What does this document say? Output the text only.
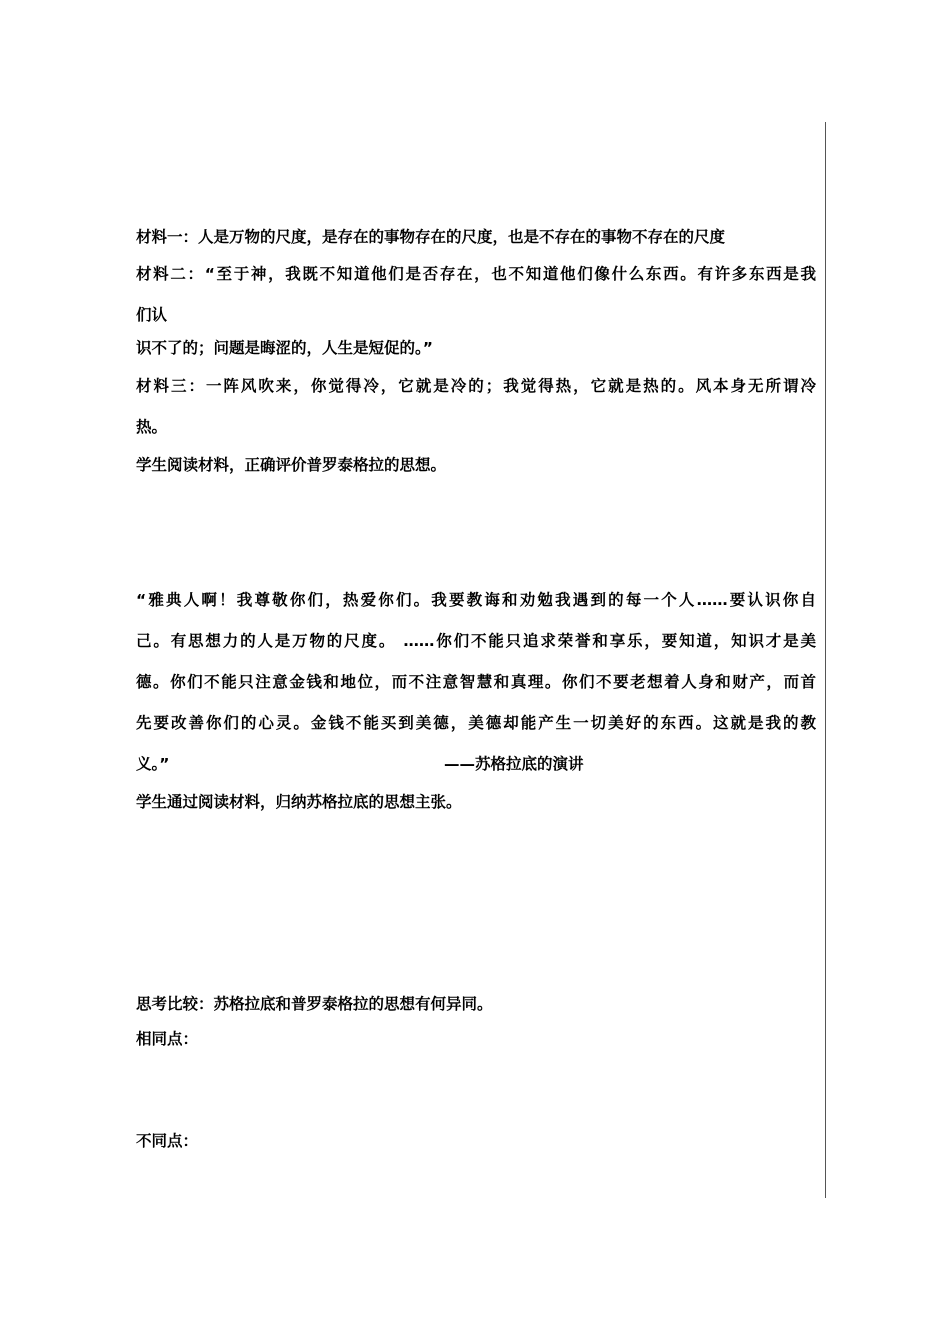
材料一：人是万物的尺度，是存在的事物存在的尺度，也是不存在的事物不存在的尺度
材料二：“至于神，我既不知道他们是否存在，也不知道他们像什么东西。有许多东西是我
们认
识不了的；问题是晦涩的，人生是短促的。”
材料三：一阵风吹来，你觉得冷，它就是冷的；我觉得热，它就是热的。风本身无所谓冷
热。
学生阅读材料，正确评价普罗泰格拉的思想。
“雅典人啊！我尊敬你们，热爱你们。我要教诲和劝勉我遇到的每一个人……要认识你自
己。有思想力的人是万物的尺度。 ……你们不能只追求荣誉和享乐，要知道，知识才是美
德。你们不能只注意金钱和地位，而不注意智慧和真理。你们不要老想着人身和财产，而首
先要改善你们的心灵。金钱不能买到美德，美德却能产生一切美好的东西。这就是我的教
义。”	——苏格拉底的演讲
学生通过阅读材料，归纳苏格拉底的思想主张。
思考比较：苏格拉底和普罗泰格拉的思想有何异同。
相同点：
不同点：
